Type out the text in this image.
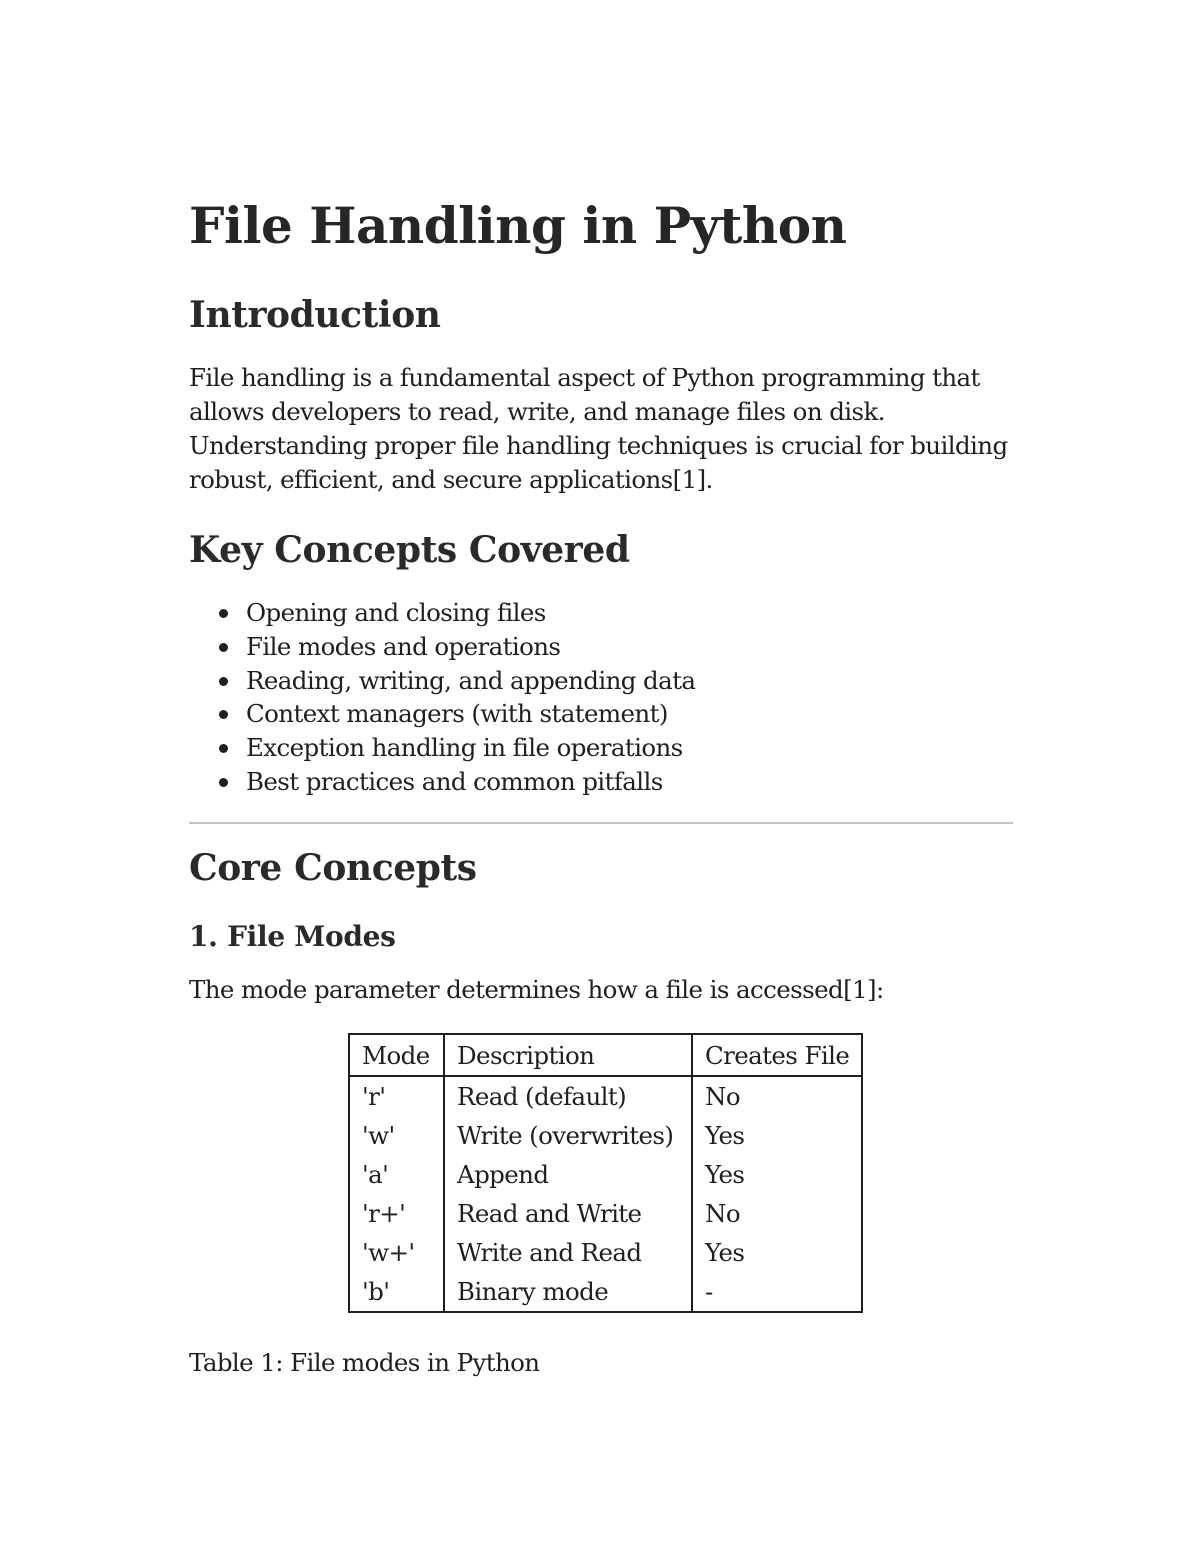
File Handling in Python
Introduction

File handling is a fundamental aspect of Python programming that allows developers to read, write, and manage files on disk. Understanding proper file handling techniques is crucial for building robust, efficient, and secure applications[1].

Key Concepts Covered
Opening and closing files
File modes and operations
Reading, writing, and appending data
Context managers (with statement)
Exception handling in file operations
Best practices and common pitfalls
Core Concepts
1. File Modes

The mode parameter determines how a file is accessed[1]:

Mode	Description	Creates File
'r'	Read (default)	No
'w'	Write (overwrites)	Yes
'a'	Append	Yes
'r+'	Read and Write	No
'w+'	Write and Read	Yes
'b'	Binary mode	-

Table 1: File modes in Python
